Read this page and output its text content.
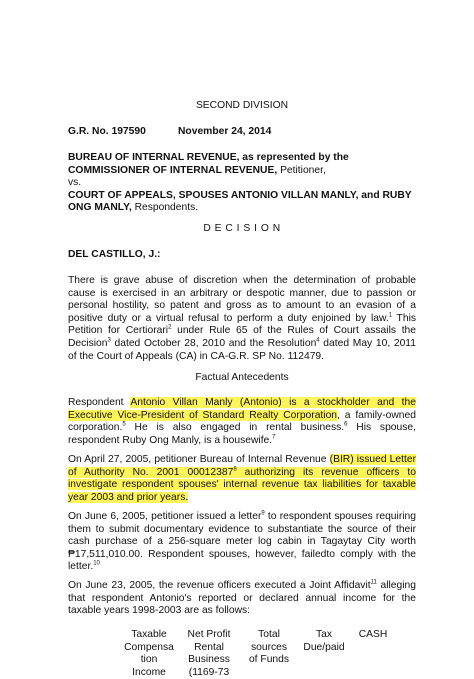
SECOND DIVISION

G.R. No. 197590	November 24, 2014

BUREAU OF INTERNAL REVENUE, as represented by the

COMMISSIONER OF INTERNAL REVENUE, Petitioner,

vs.

COURT OF APPEALS, SPOUSES ANTONIO VILLAN MANLY, and RUBY

ONG MANLY, Respondents.

D E C I S I O N

DEL CASTILLO, J.:

There is grave abuse of discretion when the determination of probable cause is exercised in an arbitrary or despotic manner, due to passion or personal hostility, so patent and gross as to amount to an evasion of a positive duty or a virtual refusal to perform a duty enjoined by law.$^1$ This Petition for Certiorari$^2$ under Rule 65 of the Rules of Court assails the Decision$^3$ dated October 28, 2010 and the Resolution$^4$ dated May 10, 2011 of the Court of Appeals (CA) in CA-G.R. SP No. 112479.

Factual Antecedents

Respondent Antonio Villan Manly (Antonio) is a stockholder and the Executive Vice-President of Standard Realty Corporation, a family-owned corporation.$^5$ He is also engaged in rental business.$^6$ His spouse, respondent Ruby Ong Manly, is a housewife.$^7$

On April 27, 2005, petitioner Bureau of Internal Revenue (BIR) issued Letter of Authority No. 2001 00012387$^8$ authorizing its revenue officers to investigate respondent spouses' internal revenue tax liabilities for taxable year 2003 and prior years.

On June 6, 2005, petitioner issued a letter$^9$ to respondent spouses requiring them to submit documentary evidence to substantiate the source of their cash purchase of a 256-square meter log cabin in Tagaytay City worth ₱17,511,010.00. Respondent spouses, however, failedto comply with the letter.$^{10}$

On June 23, 2005, the revenue officers executed a Joint Affidavit$^{11}$ alleging that respondent Antonio's reported or declared annual income for the taxable years 1998-2003 are as follows:

Taxable
Compensa
tion
Income
Net Profit
Rental
Business
(1169-73
Total
sources
of Funds
Tax
Due/paid
CASH
